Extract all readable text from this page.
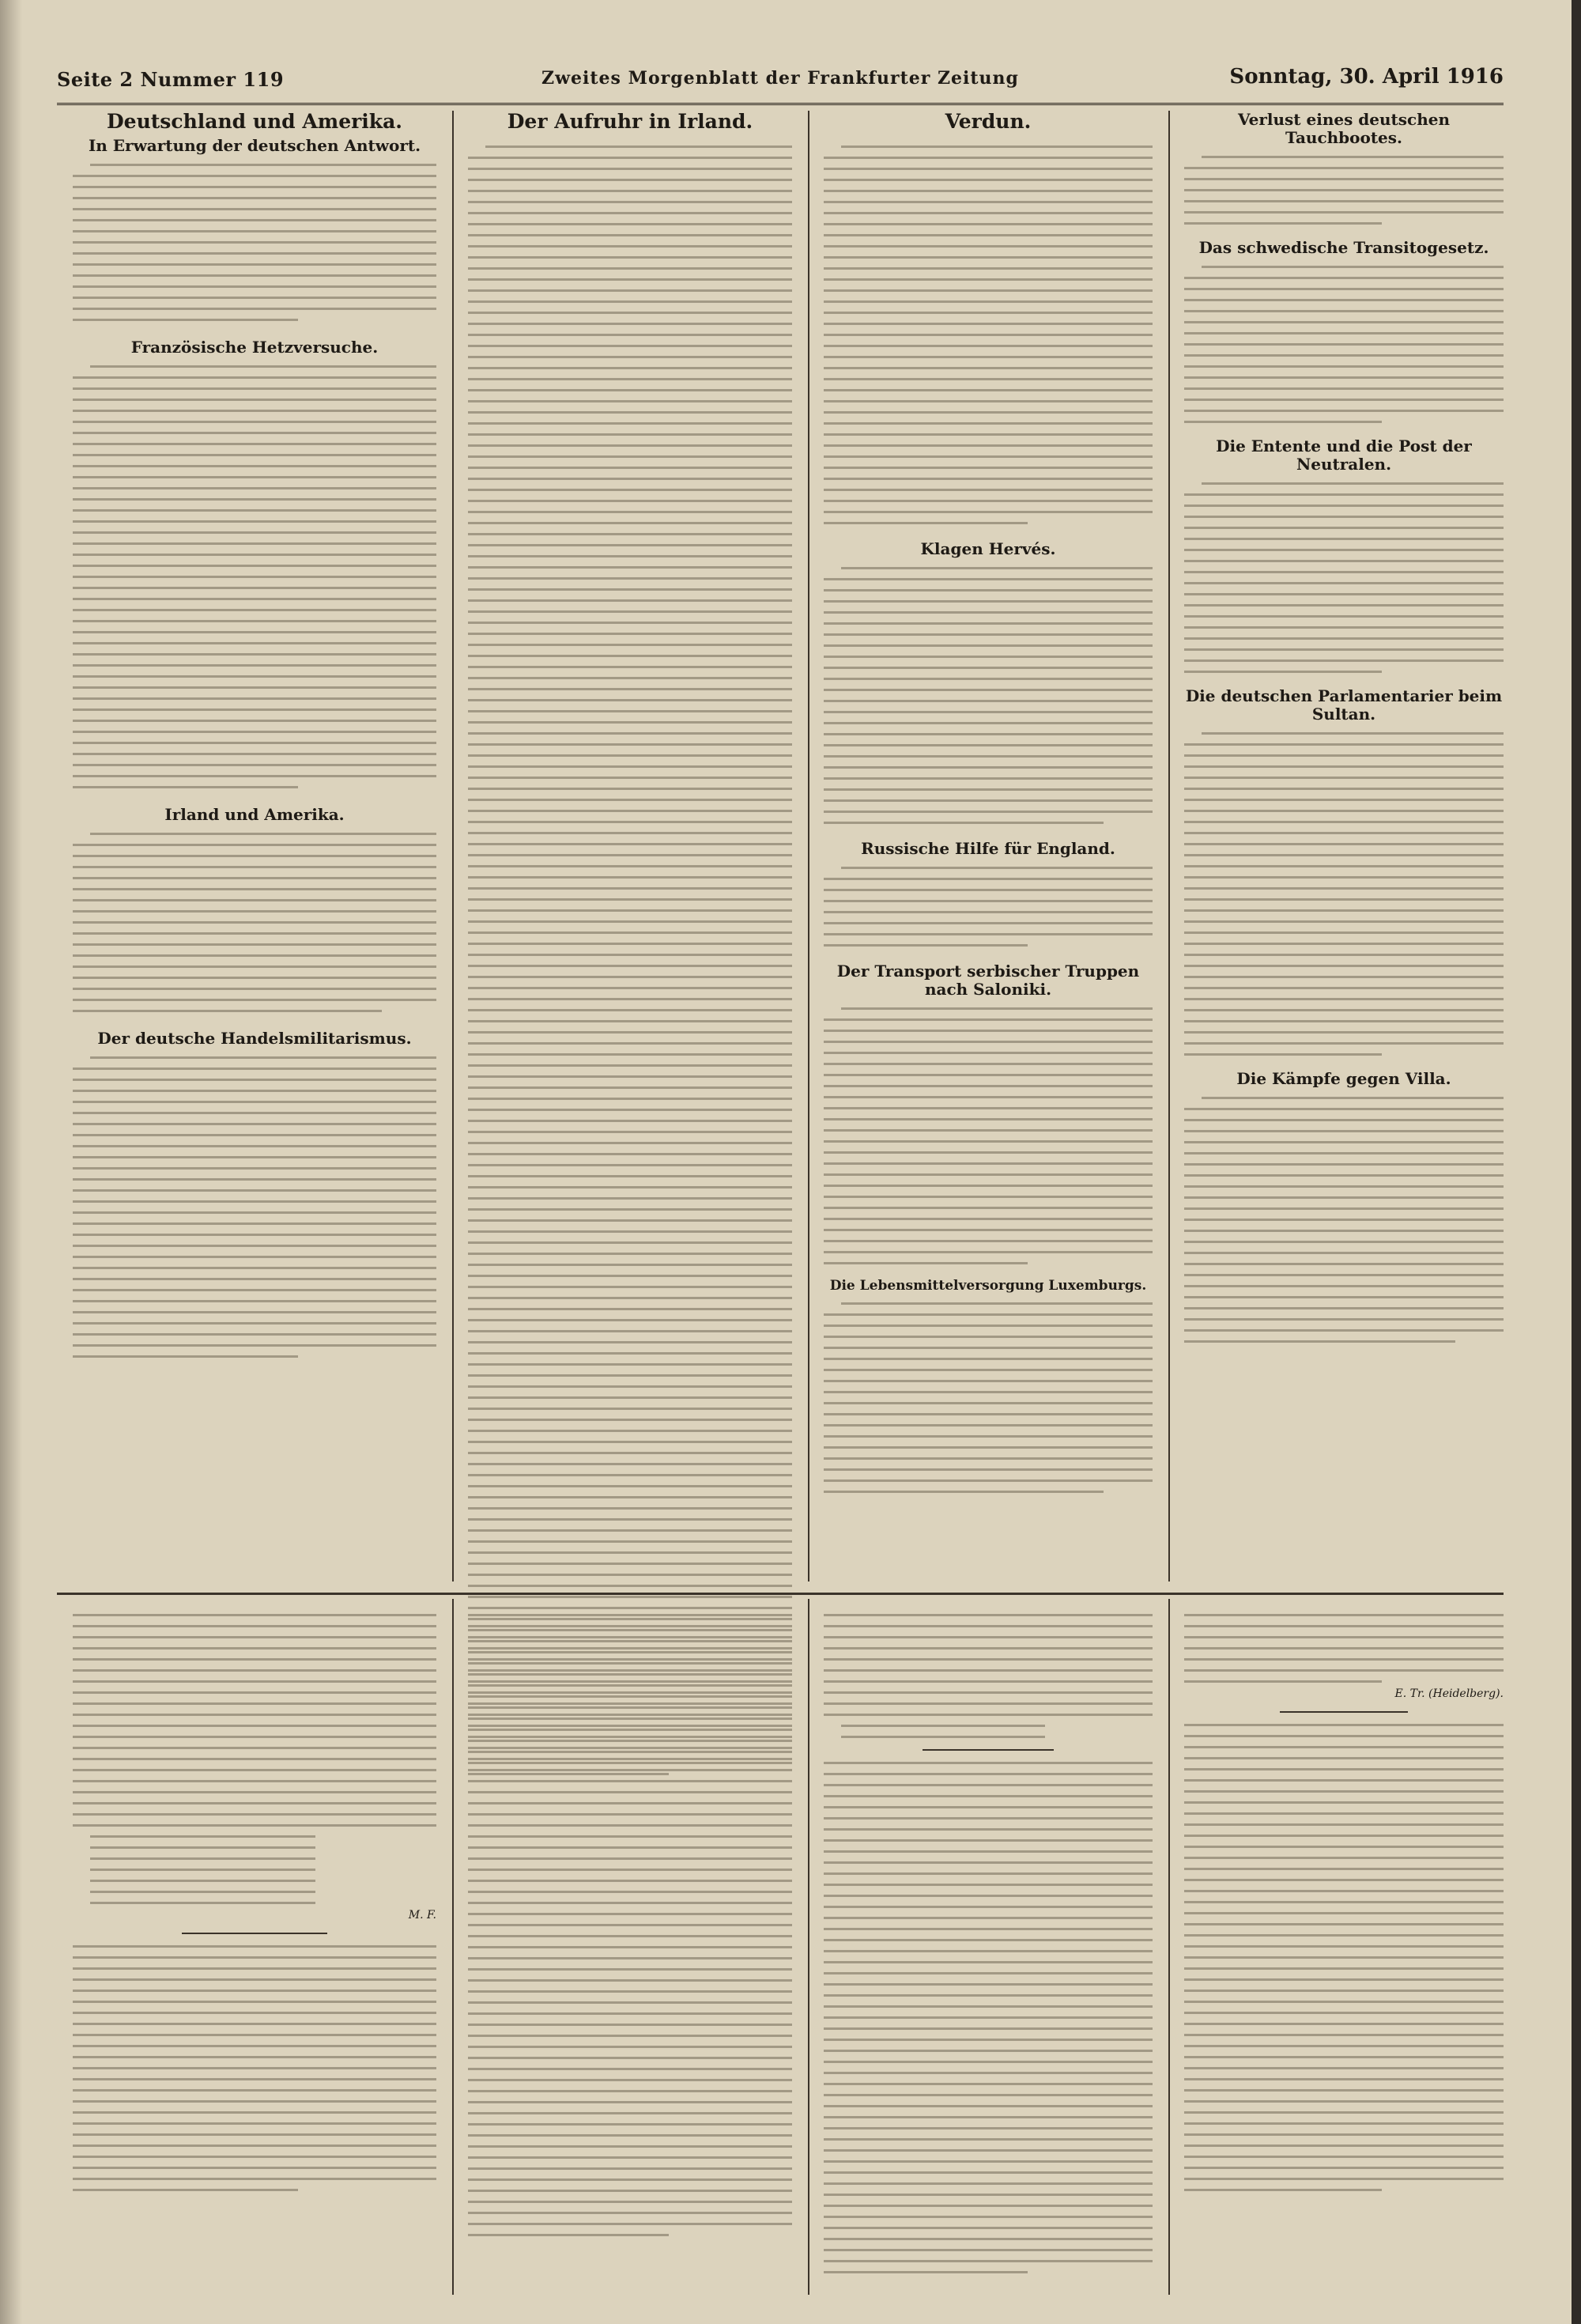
Seite 2 Nummer 119	Zweites Morgenblatt der Frankfurter Zeitung	Sonntag, 30. April 1916

Deutschland und Amerika.

In Erwartung der deutschen Antwort.

Französische Hetzversuche.

Irland und Amerika.

Der deutsche Handelsmilitarismus.

Der Aufruhr in Irland.	Verdun.

Klagen Hervés.

Russische Hilfe für England.

Der Transport serbischer Truppen nach Saloniki.

Die Lebensmittelversorgung Luxemburgs.

Verlust eines deutschen Tauchbootes.

Das schwedische Transitogesetz.

Die Entente und die Post der Neutralen.

Die deutschen Parlamentarier beim Sultan.

Die Kämpfe gegen Villa.

M. F.
E. Tr. (Heidelberg).
